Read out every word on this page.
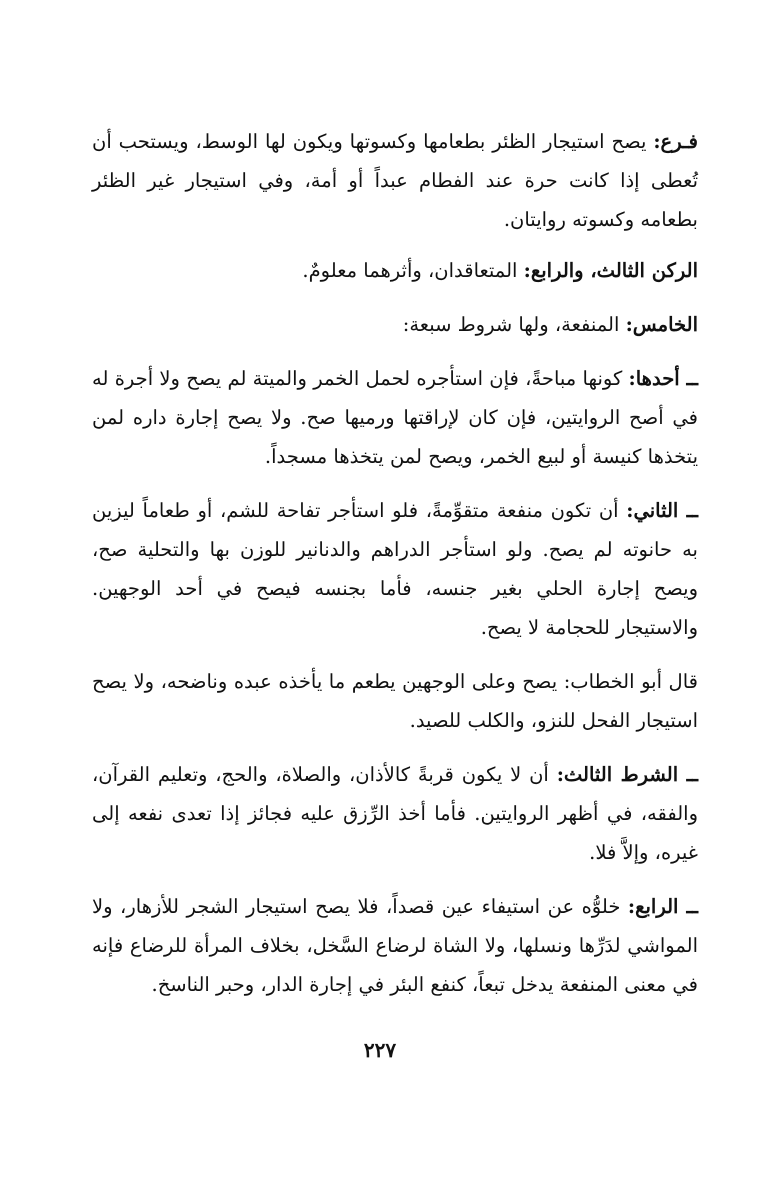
فـرع: يصح استيجار الظئر بطعامها وكسوتها ويكون لها الوسط، ويستحب أن تُعطى إذا كانت حرة عند الفطام عبداً أو أمة، وفي استيجار غير الظئر بطعامه وكسوته روايتان.

الركن الثالث، والرابع: المتعاقدان، وأثرهما معلومٌ.

الخامس: المنفعة، ولها شروط سبعة:

ــ أحدها: كونها مباحةً، فإن استأجره لحمل الخمر والميتة لم يصح ولا أجرة له في أصح الروايتين، فإن كان لإراقتها ورميها صح. ولا يصح إجارة داره لمن يتخذها كنيسة أو لبيع الخمر، ويصح لمن يتخذها مسجداً.

ــ الثاني: أن تكون منفعة متقوِّمةً، فلو استأجر تفاحة للشم، أو طعاماً ليزين به حانوته لم يصح. ولو استأجر الدراهم والدنانير للوزن بها والتحلية صح، ويصح إجارة الحلي بغير جنسه، فأما بجنسه فيصح في أحد الوجهين. والاستيجار للحجامة لا يصح.

قال أبو الخطاب: يصح وعلى الوجهين يطعم ما يأخذه عبده وناضحه، ولا يصح استيجار الفحل للنزو، والكلب للصيد.

ــ الشرط الثالث: أن لا يكون قربةً كالأذان، والصلاة، والحج، وتعليم القرآن، والفقه، في أظهر الروايتين. فأما أخذ الرِّزق عليه فجائز إذا تعدى نفعه إلى غيره، وإلاَّ فلا.

ــ الرابع: خلوُّه عن استيفاء عين قصداً، فلا يصح استيجار الشجر للأزهار، ولا المواشي لدَرِّها ونسلها، ولا الشاة لرضاع السَّخل، بخلاف المرأة للرضاع فإنه في معنى المنفعة يدخل تبعاً، كنفع البئر في إجارة الدار، وحبر الناسخ.

٢٢٧
